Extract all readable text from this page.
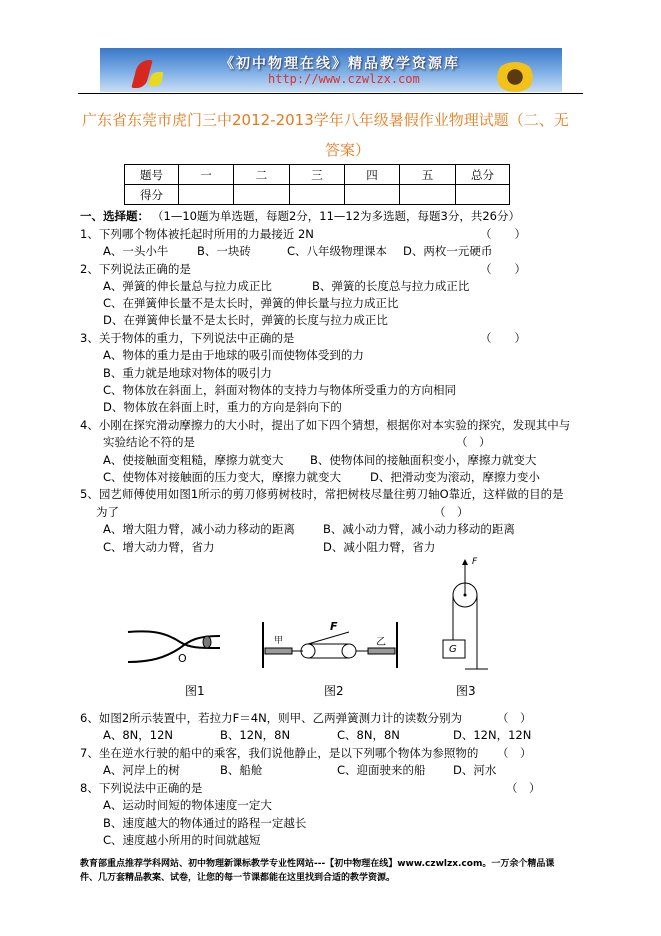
《初中物理在线》精品教学资源库
http://www.czwlzx.com
广东省东莞市虎门三中2012-2013学年八年级暑假作业物理试题（二、无
答案）
题号	一	二	三	四	五	总分
得分						
一、选择题： （1—10题为单选题，每题2分，11—12为多选题，每题3分，共26分）
1、下列哪个物体被托起时所用的力最接近 2N	（　　）
A、一头小牛 B、一块砖	C、八年级物理课本 D、两枚一元硬币
2、下列说法正确的是	（　　）
A、弹簧的伸长量总与拉力成正比	B、弹簧的长度总与拉力成正比
C、在弹簧伸长量不是太长时，弹簧的伸长量与拉力成正比
D、在弹簧伸长量不是太长时，弹簧的长度与拉力成正比
3、关于物体的重力，下列说法中正确的是	（　　）
A、物体的重力是由于地球的吸引而使物体受到的力
B、重力就是地球对物体的吸引力
C、物体放在斜面上，斜面对物体的支持力与物体所受重力的方向相同
D、物体放在斜面上时，重力的方向是斜向下的
4、小刚在探究滑动摩擦力的大小时，提出了如下四个猜想，根据你对本实验的探究，发现其中与
实验结论不符的是	（　）
A、使接触面变粗糙，摩擦力就变大 B、使物体间的接触面积变小，摩擦力就变大
C、使物体对接触面的压力变大，摩擦力就变大	D、把滑动变为滚动，摩擦力变小
5、园艺师傅使用如图1所示的剪刀修剪树枝时，常把树枝尽量往剪刀轴O靠近，这样做的目的是
为了	（　）
A、增大阻力臂，减小动力移动的距离 B、减小动力臂，减小动力移动的距离
C、增大动力臂，省力	D、减小阻力臂，省力
O
甲
F
乙
F
G
图1	图2	图3
6、如图2所示装置中，若拉力F＝4N，则甲、乙两弹簧测力计的读数分别为	（　）
A、8N，12N	B、12N，8N	C、8N，8N	D、12N，12N
7、坐在逆水行驶的船中的乘客，我们说他静止，是以下列哪个物体为参照物的 （　）
A、河岸上的树	B、船舱	C、迎面驶来的船 D、河水
8、下列说法中正确的是	（　）
A、运动时间短的物体速度一定大
B、速度越大的物体通过的路程一定越长
C、速度越小所用的时间就越短
教育部重点推荐学科网站、初中物理新课标教学专业性网站---【初中物理在线】www.czwlzx.com。一万余个精品课
件、几万套精品教案、试卷，让您的每一节课都能在这里找到合适的教学资源。
